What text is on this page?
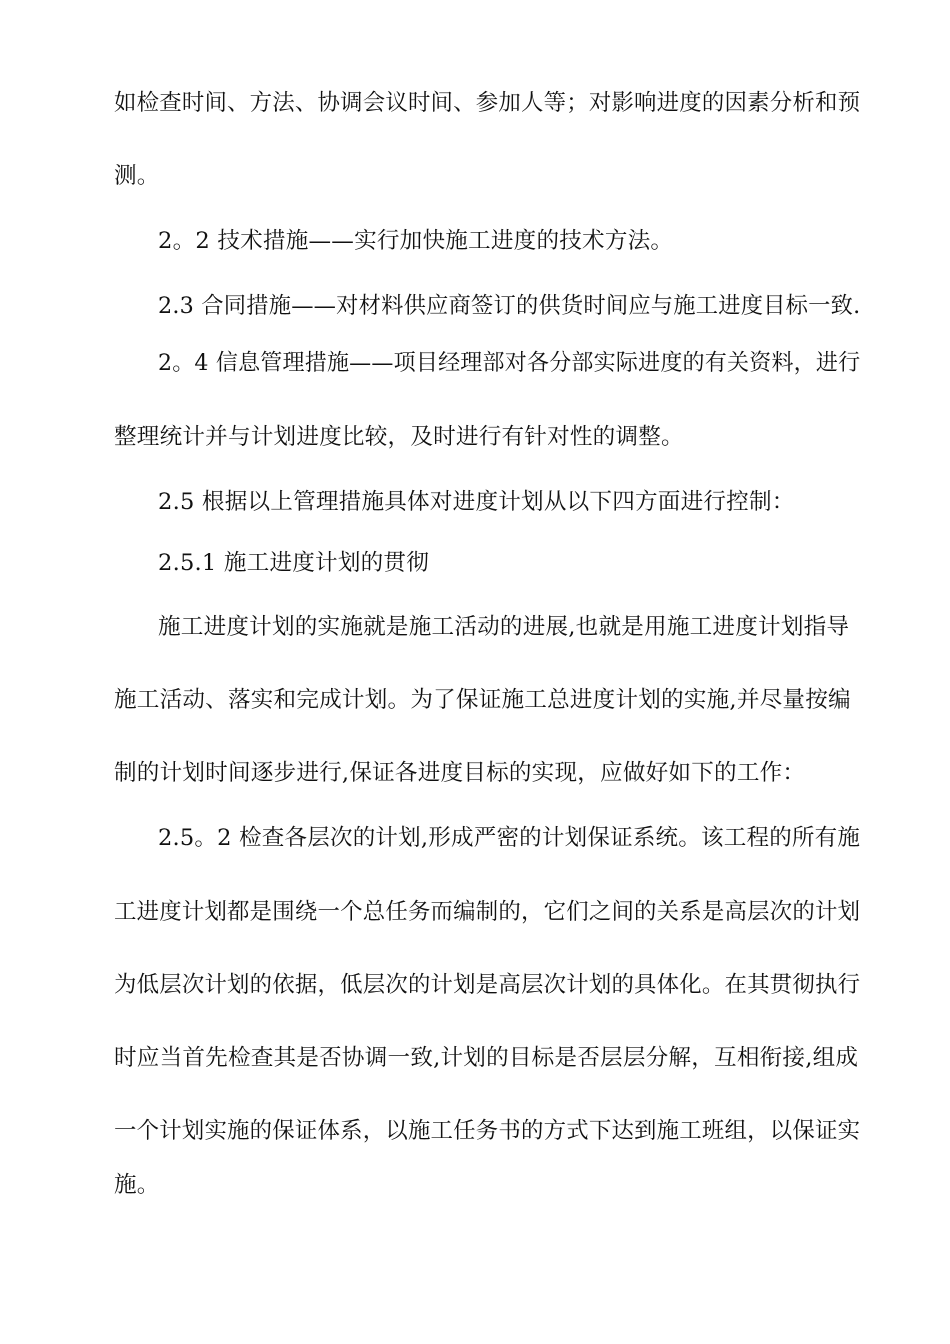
如检查时间、方法、协调会议时间、参加人等；对影响进度的因素分析和预
测。
2。2 技术措施——实行加快施工进度的技术方法。
2.3 合同措施——对材料供应商签订的供货时间应与施工进度目标一致.
2。4 信息管理措施——项目经理部对各分部实际进度的有关资料，进行
整理统计并与计划进度比较，及时进行有针对性的调整。
2.5 根据以上管理措施具体对进度计划从以下四方面进行控制：
2.5.1 施工进度计划的贯彻
施工进度计划的实施就是施工活动的进展,也就是用施工进度计划指导
施工活动、落实和完成计划。为了保证施工总进度计划的实施,并尽量按编
制的计划时间逐步进行,保证各进度目标的实现，应做好如下的工作：
2.5。2 检查各层次的计划,形成严密的计划保证系统。该工程的所有施
工进度计划都是围绕一个总任务而编制的，它们之间的关系是高层次的计划
为低层次计划的依据，低层次的计划是高层次计划的具体化。在其贯彻执行
时应当首先检查其是否协调一致,计划的目标是否层层分解，互相衔接,组成
一个计划实施的保证体系，以施工任务书的方式下达到施工班组，以保证实
施。
